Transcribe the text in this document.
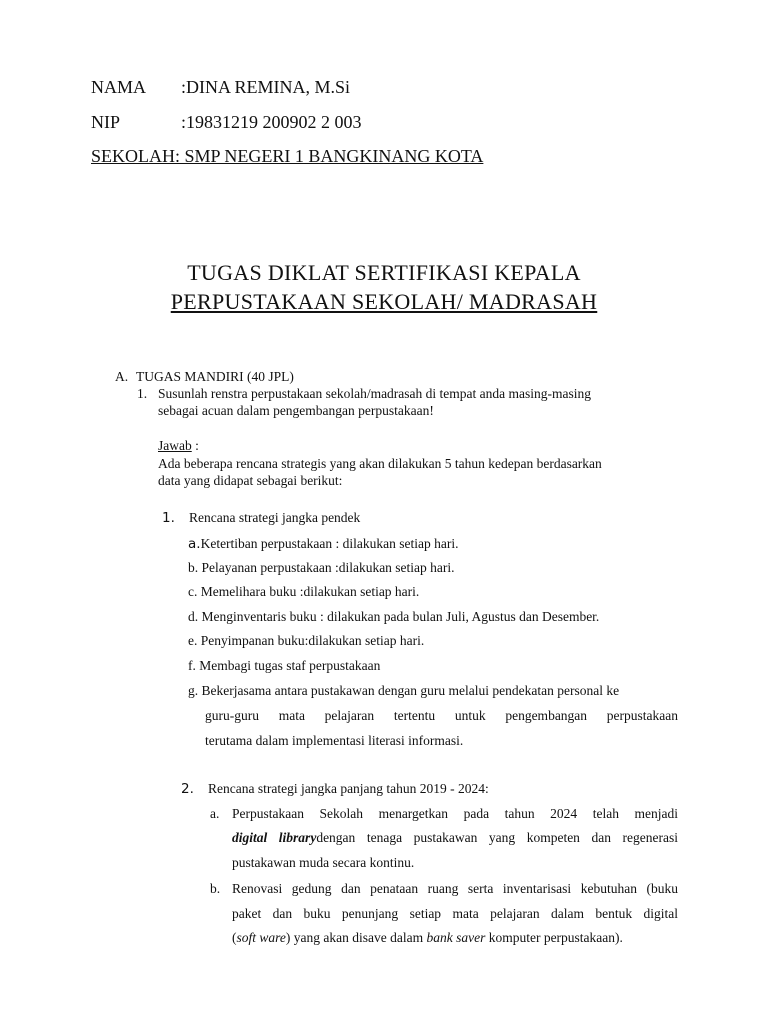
NAMA :DINA REMINA, M.Si
NIP	:19831219 200902 2 003
SEKOLAH: SMP NEGERI 1 BANGKINANG KOTA
TUGAS DIKLAT SERTIFIKASI KEPALA
PERPUSTAKAAN SEKOLAH/ MADRASAH
A. TUGAS MANDIRI (40 JPL)
1. Susunlah renstra perpustakaan sekolah/madrasah di tempat anda masing-masing
sebagai acuan dalam pengembangan perpustakaan!
Jawab :
Ada beberapa rencana strategis yang akan dilakukan 5 tahun kedepan berdasarkan
data yang didapat sebagai berikut:
1. Rencana strategi jangka pendek
a.Ketertiban perpustakaan : dilakukan setiap hari.
b. Pelayanan perpustakaan :dilakukan setiap hari.
c. Memelihara buku :dilakukan setiap hari.
d. Menginventaris buku : dilakukan pada bulan Juli, Agustus dan Desember.
e. Penyimpanan buku:dilakukan setiap hari.
f. Membagi tugas staf perpustakaan
g. Bekerjasama antara pustakawan dengan guru melalui pendekatan personal ke
guru-guru mata pelajaran tertentu untuk pengembangan perpustakaan
terutama dalam implementasi literasi informasi.
2. Rencana strategi jangka panjang tahun 2019 - 2024:
a. Perpustakaan Sekolah menargetkan pada tahun 2024 telah menjadi
digital librarydengan tenaga pustakawan yang kompeten dan regenerasi
pustakawan muda secara kontinu.
b. Renovasi gedung dan penataan ruang serta inventarisasi kebutuhan (buku
paket dan buku penunjang setiap mata pelajaran dalam bentuk digital
(soft ware) yang akan disave dalam bank saver komputer perpustakaan).
